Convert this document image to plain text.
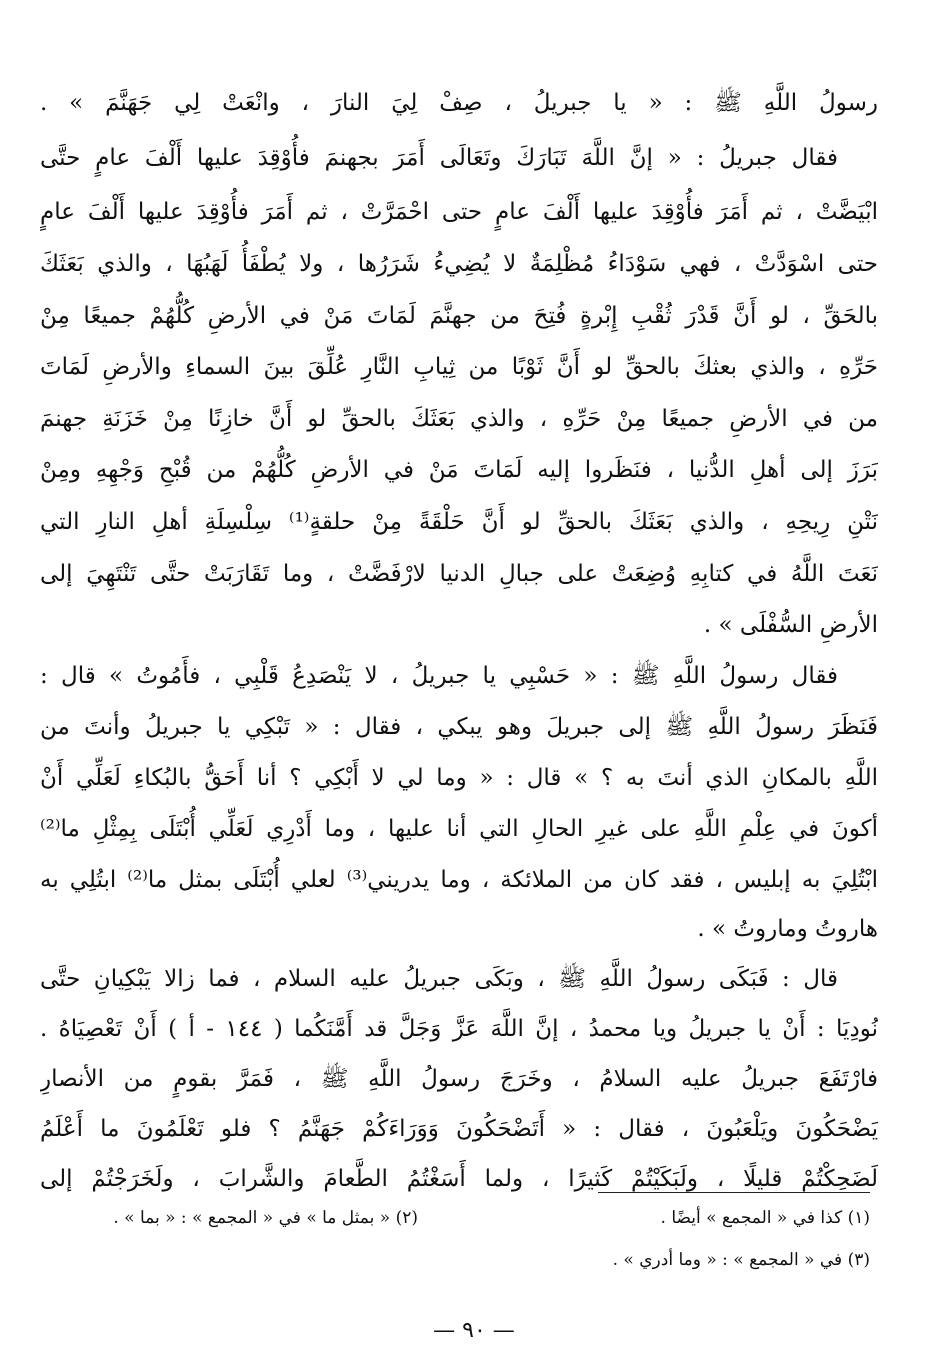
رسولُ اللَّهِ ﷺ : « يا جبريلُ ، صِفْ لِيَ النارَ ، وانْعَتْ لِي جَهَنَّمَ » .
فقال جبريلُ : « إنَّ اللَّهَ تَبَارَكَ وتَعَالَى أَمَرَ بجهنمَ فأُوْقِدَ عليها أَلْفَ عامٍ حتَّى
ابْيَضَّتْ ، ثم أَمَرَ فأُوْقِدَ عليها أَلْفَ عامٍ حتى احْمَرَّتْ ، ثم أَمَرَ فأُوْقِدَ عليها أَلْفَ عامٍ
حتى اسْوَدَّتْ ، فهي سَوْدَاءُ مُظْلِمَةٌ لا يُضِيءُ شَرَرُها ، ولا يُطْفَأُ لَهَبُهَا ، والذي بَعَثَكَ
بالحَقِّ ، لو أَنَّ قَدْرَ ثُقْبِ إِبْرةٍ فُتِحَ من جهنَّمَ لَمَاتَ مَنْ في الأرضِ كُلُّهُمْ جميعًا مِنْ
حَرِّهِ ، والذي بعثكَ بالحقِّ لو أَنَّ ثَوْبًا من ثِيابِ النَّارِ عُلِّقَ بينَ السماءِ والأرضِ لَمَاتَ
من في الأرضِ جميعًا مِنْ حَرِّهِ ، والذي بَعَثَكَ بالحقِّ لو أَنَّ خازِنًا مِنْ خَزَنَةِ جهنمَ
بَرَزَ إلى أهلِ الدُّنيا ، فنَظَروا إليه لَمَاتَ مَنْ في الأرضِ كُلُّهُمْ من قُبْحِ وَجْهِهِ ومِنْ
نَتْنِ رِيحِهِ ، والذي بَعَثَكَ بالحقِّ لو أَنَّ حَلْقَةً مِنْ حلقةٍ⁽¹⁾ سِلْسِلَةِ أهلِ النارِ التي
نَعَتَ اللَّهُ في كتابِهِ وُضِعَتْ على جبالِ الدنيا لارْفَضَّتْ ، وما تَقَارَبَتْ حتَّى تَنْتَهِيَ إلى
الأرضِ السُّفْلَى » .
فقال رسولُ اللَّهِ ﷺ : « حَسْبِي يا جبريلُ ، لا يَنْصَدِعُ قَلْبِي ، فأَمُوتُ » قال :
فَنَظَرَ رسولُ اللَّهِ ﷺ إلى جبريلَ وهو يبكي ، فقال : « تَبْكِي يا جبريلُ وأنتَ من
اللَّهِ بالمكانِ الذي أنتَ به ؟ » قال : « وما لي لا أَبْكِي ؟ أنا أَحَقُّ بالبُكاءِ لَعَلِّي أَنْ
أكونَ في عِلْمِ اللَّهِ على غيرِ الحالِ التي أنا عليها ، وما أَدْرِي لَعَلِّي أُبْتَلَى بِمِثْلِ ما⁽²⁾
ابْتُلِيَ به إبليس ، فقد كان من الملائكة ، وما يدريني⁽³⁾ لعلي أُبْتَلَى بمثل ما⁽²⁾ ابتُلِي به
هاروتُ وماروتُ » .
قال : فَبَكَى رسولُ اللَّهِ ﷺ ، وبَكَى جبريلُ عليه السلام ، فما زالا يَبْكِيانِ حتَّى
نُودِيَا : أَنْ يا جبريلُ ويا محمدُ ، إنَّ اللَّهَ عَزَّ وَجَلَّ قد أَمَّنَكُما ( ١٤٤ - أ ) أَنْ تَعْصِيَاهُ .
فارْتَفَعَ جبريلُ عليه السلامُ ، وخَرَجَ رسولُ اللَّهِ ﷺ ، فَمَرَّ بقومٍ من الأنصارِ
يَضْحَكُونَ ويَلْعَبُونَ ، فقال : « أَتَضْحَكُونَ وَوَرَاءَكُمْ جَهَنَّمُ ؟ فلو تَعْلَمُونَ ما أَعْلَمُ
لَضَحِكْتُمْ قليلًا ، ولَبَكَيْتُمْ كَثيرًا ، ولما أَسَغْتُمُ الطَّعامَ والشَّرابَ ، ولَخَرَجْتُمْ إلى
(١) كذا في « المجمع » أيضًا .
(٢) « بمثل ما » في « المجمع » : « بما » .
(٣) في « المجمع » : « وما أدري » .
— ٩٠ —
